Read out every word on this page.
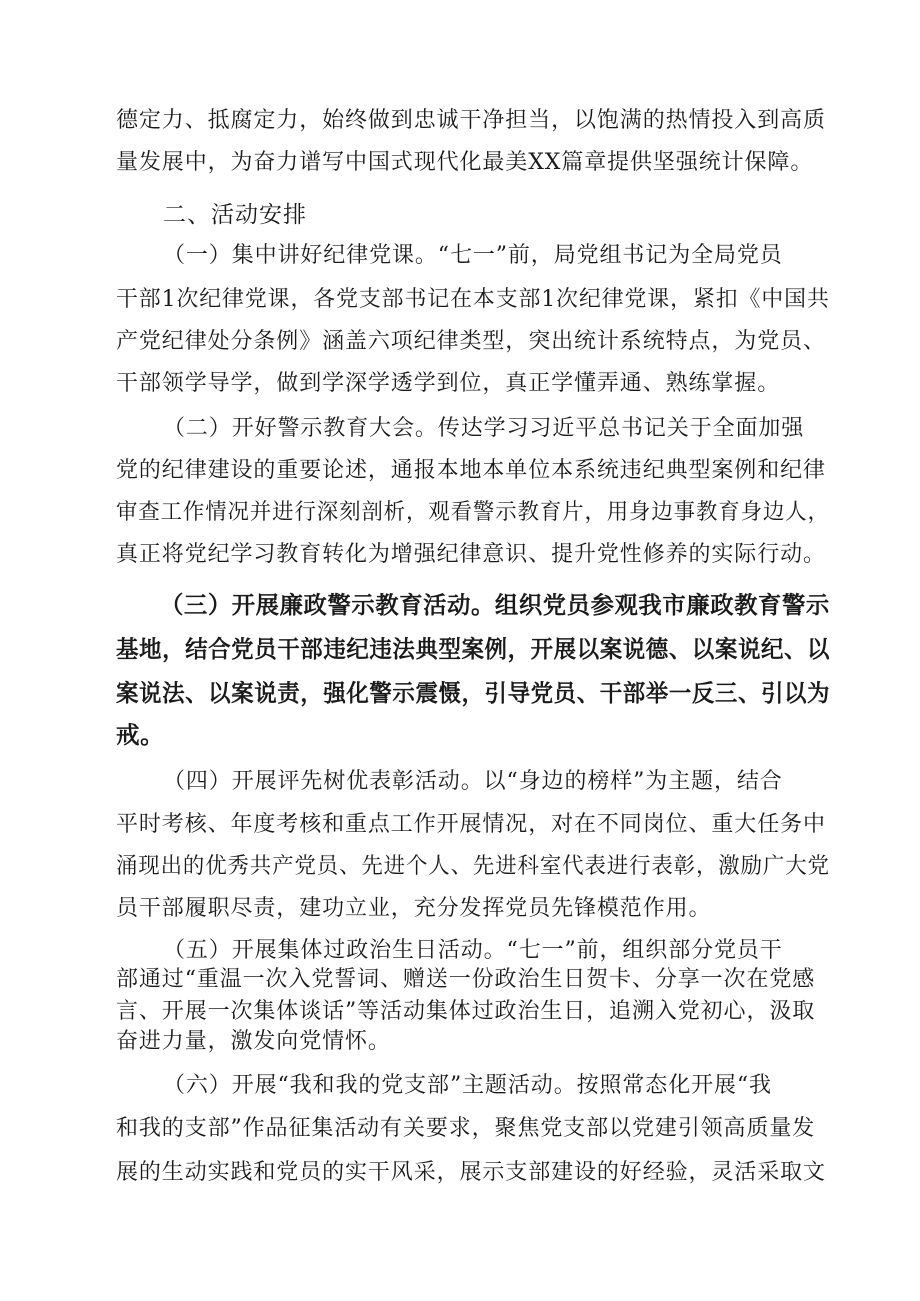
德定力、抵腐定力，始终做到忠诚干净担当，以饱满的热情投入到高质
量发展中，为奋力谱写中国式现代化最美XX篇章提供坚强统计保障。
二、活动安排
（一）集中讲好纪律党课。“七一”前，局党组书记为全局党员
干部1次纪律党课，各党支部书记在本支部1次纪律党课，紧扣《中国共
产党纪律处分条例》涵盖六项纪律类型，突出统计系统特点，为党员、
干部领学导学，做到学深学透学到位，真正学懂弄通、熟练掌握。
（二）开好警示教育大会。传达学习习近平总书记关于全面加强
党的纪律建设的重要论述，通报本地本单位本系统违纪典型案例和纪律
审查工作情况并进行深刻剖析，观看警示教育片，用身边事教育身边人，
真正将党纪学习教育转化为增强纪律意识、提升党性修养的实际行动。
（三）开展廉政警示教育活动。组织党员参观我市廉政教育警示
基地，结合党员干部违纪违法典型案例，开展以案说德、以案说纪、以
案说法、以案说责，强化警示震慑，引导党员、干部举一反三、引以为
戒。
（四）开展评先树优表彰活动。以“身边的榜样”为主题，结合
平时考核、年度考核和重点工作开展情况，对在不同岗位、重大任务中
涌现出的优秀共产党员、先进个人、先进科室代表进行表彰，激励广大党
员干部履职尽责，建功立业，充分发挥党员先锋模范作用。
（五）开展集体过政治生日活动。“七一”前，组织部分党员干
部通过“重温一次入党誓词、赠送一份政治生日贺卡、分享一次在党感
言、开展一次集体谈话”等活动集体过政治生日，追溯入党初心，汲取
奋进力量，激发向党情怀。
（六）开展“我和我的党支部”主题活动。按照常态化开展“我
和我的支部”作品征集活动有关要求，聚焦党支部以党建引领高质量发
展的生动实践和党员的实干风采，展示支部建设的好经验，灵活采取文
